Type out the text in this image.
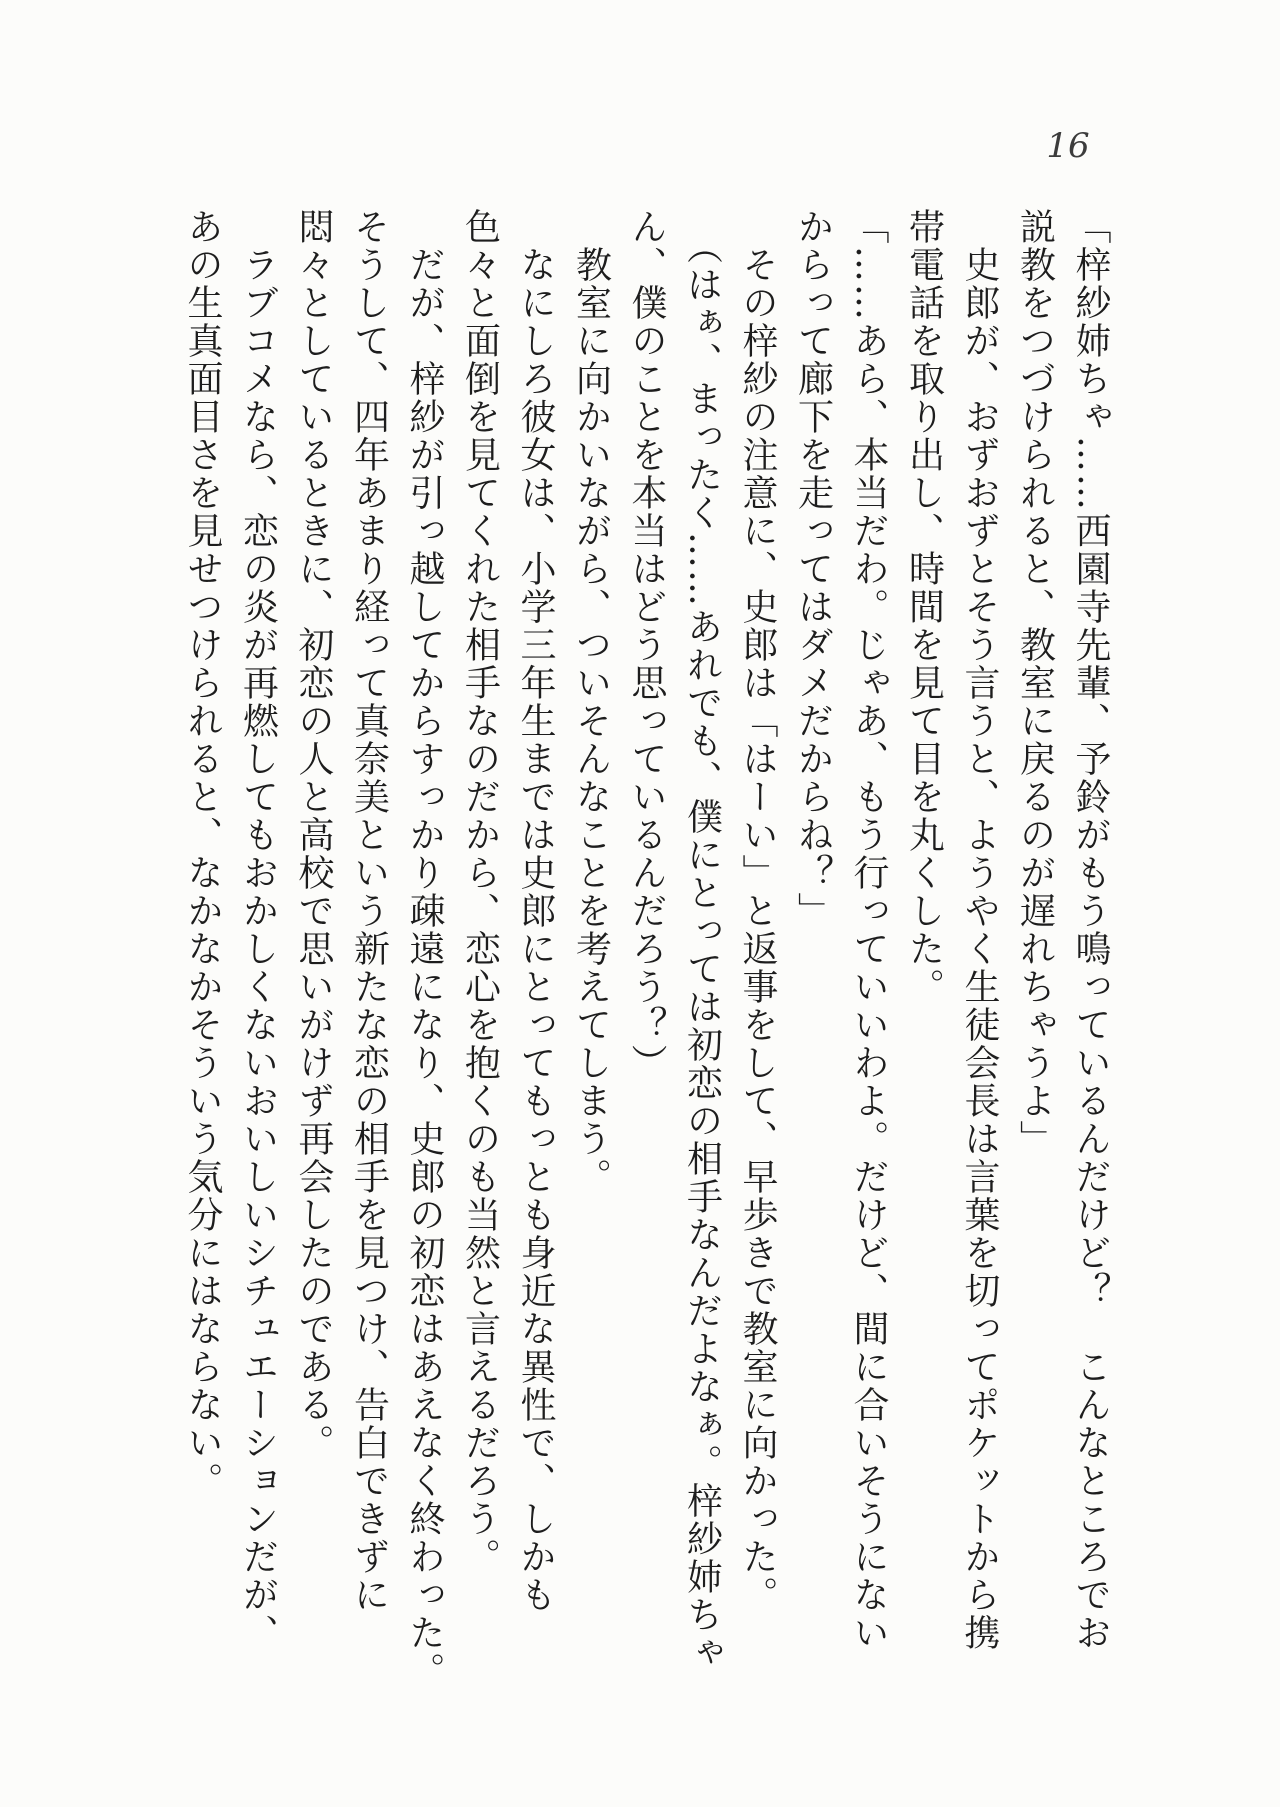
16
「梓紗姉ちゃ……西園寺先輩、予鈴がもう鳴っているんだけど？　こんなところでお
説教をつづけられると、教室に戻るのが遅れちゃうよ」
　史郎が、おずおずとそう言うと、ようやく生徒会長は言葉を切ってポケットから携
帯電話を取り出し、時間を見て目を丸くした。
「……あら、本当だわ。じゃあ、もう行っていいわよ。だけど、間に合いそうにない
からって廊下を走ってはダメだからね？」
　その梓紗の注意に、史郎は「はーい」と返事をして、早歩きで教室に向かった。
　（はぁ、まったく……あれでも、僕にとっては初恋の相手なんだよなぁ。梓紗姉ちゃ
ん、僕のことを本当はどう思っているんだろう？）
　教室に向かいながら、ついそんなことを考えてしまう。
　なにしろ彼女は、小学三年生までは史郎にとってもっとも身近な異性で、しかも
色々と面倒を見てくれた相手なのだから、恋心を抱くのも当然と言えるだろう。
　だが、梓紗が引っ越してからすっかり疎遠になり、史郎の初恋はあえなく終わった。
そうして、四年あまり経って真奈美という新たな恋の相手を見つけ、告白できずに
悶々としているときに、初恋の人と高校で思いがけず再会したのである。
　ラブコメなら、恋の炎が再燃してもおかしくないおいしいシチュエーションだが、
あの生真面目さを見せつけられると、なかなかそういう気分にはならない。
